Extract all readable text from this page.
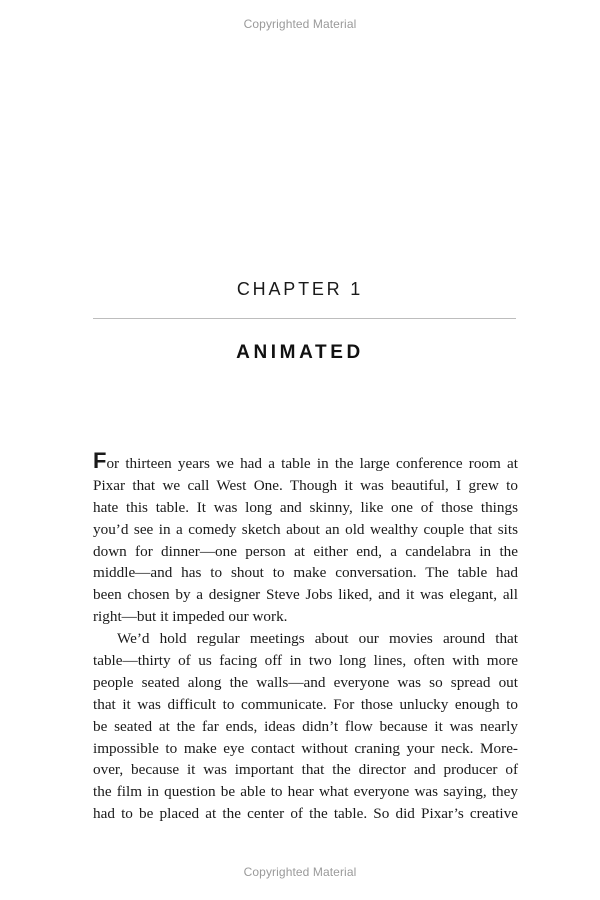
Copyrighted Material
CHAPTER 1
ANIMATED
For thirteen years we had a table in the large conference room at
Pixar that we call West One. Though it was beautiful, I grew to
hate this table. It was long and skinny, like one of those things
you’d see in a comedy sketch about an old wealthy couple that sits
down for dinner—one person at either end, a candelabra in the
middle—and has to shout to make conversation. The table had
been chosen by a designer Steve Jobs liked, and it was elegant, all
right—but it impeded our work.
We’d hold regular meetings about our movies around that
table—thirty of us facing off in two long lines, often with more
people seated along the walls—and everyone was so spread out
that it was difficult to communicate. For those unlucky enough to
be seated at the far ends, ideas didn’t flow because it was nearly
impossible to make eye contact without craning your neck. More-
over, because it was important that the director and producer of
the film in question be able to hear what everyone was saying, they
had to be placed at the center of the table. So did Pixar’s creative
Copyrighted Material
